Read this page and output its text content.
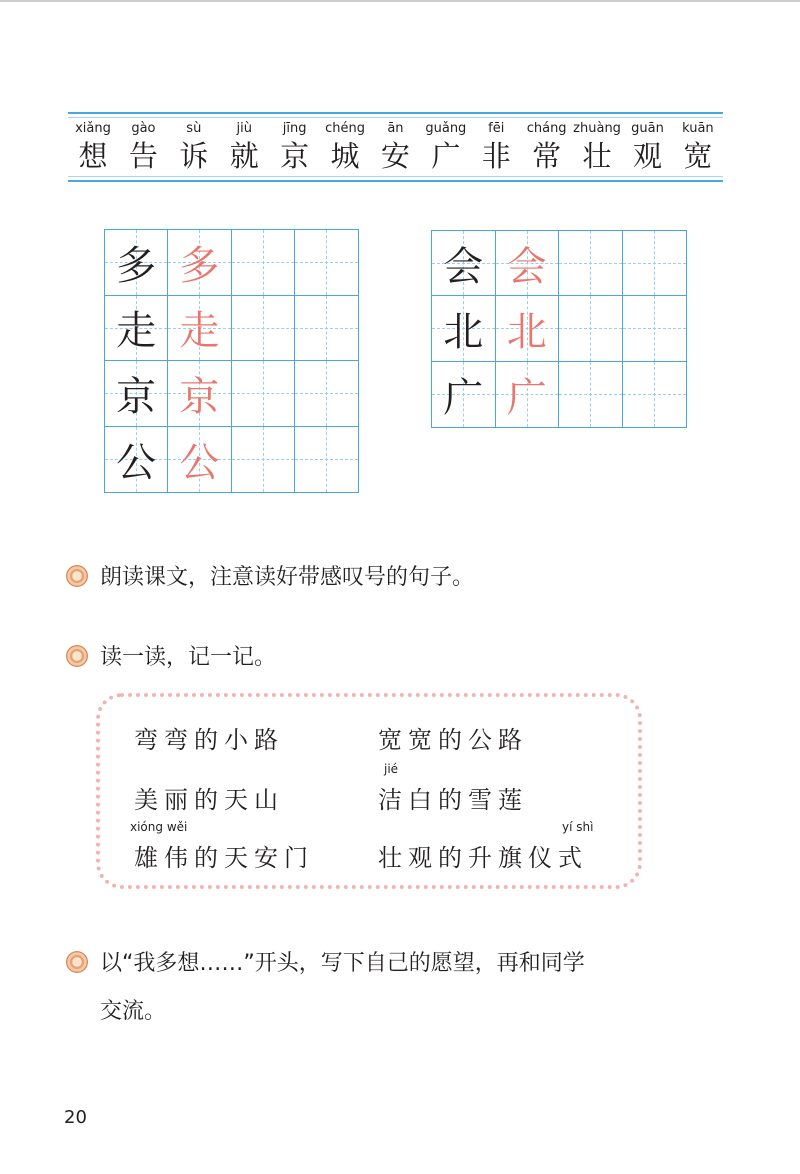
xiǎng
想
gào
告
sù
诉
jiù
就
jīng
京
chéng
城
ān
安
guǎng
广
fēi
非
cháng
常
zhuàng
壮
guān
观
kuān
宽
多 多
走 走
京 京
公 公
会 会
北 北
广 广
朗读课文，注意读好带感叹号的句子。
读一读，记一记。
弯弯的小路	宽宽的公路
美丽的天山
jié
洁白的雪莲
xióng wěi
雄伟的天安门
yí shì
壮观的升旗仪式
以“我多想……”开头，写下自己的愿望，再和同学
交流。
20
